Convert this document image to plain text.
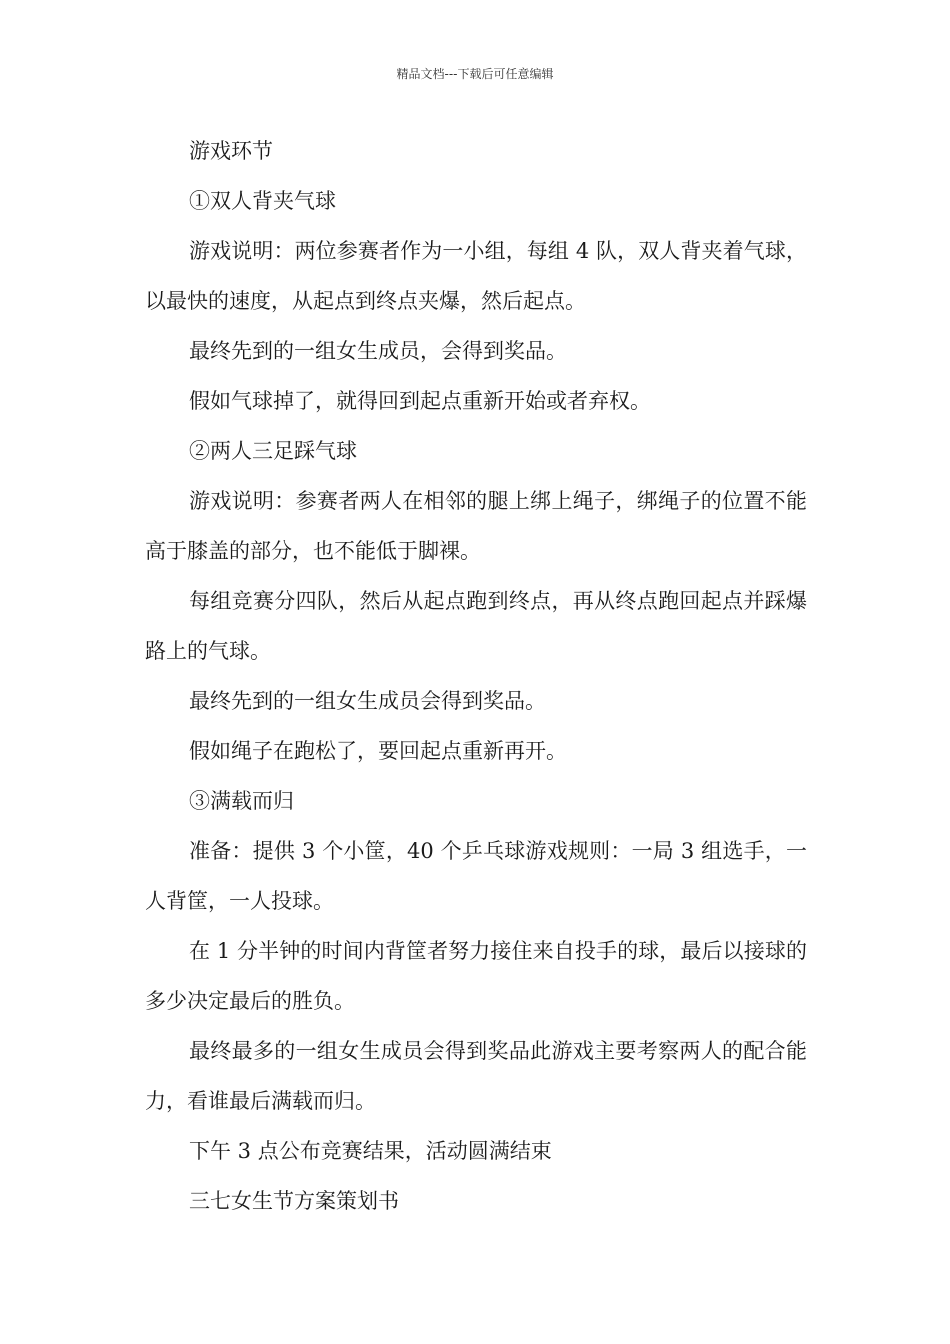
精品文档---下载后可任意编辑

游戏环节

①双人背夹气球

游戏说明：两位参赛者作为一小组，每组 4 队，双人背夹着气球，以最快的速度，从起点到终点夹爆，然后起点。

最终先到的一组女生成员，会得到奖品。

假如气球掉了，就得回到起点重新开始或者弃权。

②两人三足踩气球

游戏说明：参赛者两人在相邻的腿上绑上绳子，绑绳子的位置不能高于膝盖的部分，也不能低于脚裸。

每组竞赛分四队，然后从起点跑到终点，再从终点跑回起点并踩爆路上的气球。

最终先到的一组女生成员会得到奖品。

假如绳子在跑松了，要回起点重新再开。

③满载而归

准备：提供 3 个小筐，40 个乒乓球游戏规则：一局 3 组选手，一人背筐，一人投球。

在 1 分半钟的时间内背筐者努力接住来自投手的球，最后以接球的多少决定最后的胜负。

最终最多的一组女生成员会得到奖品此游戏主要考察两人的配合能力，看谁最后满载而归。

下午 3 点公布竞赛结果，活动圆满结束

三七女生节方案策划书
